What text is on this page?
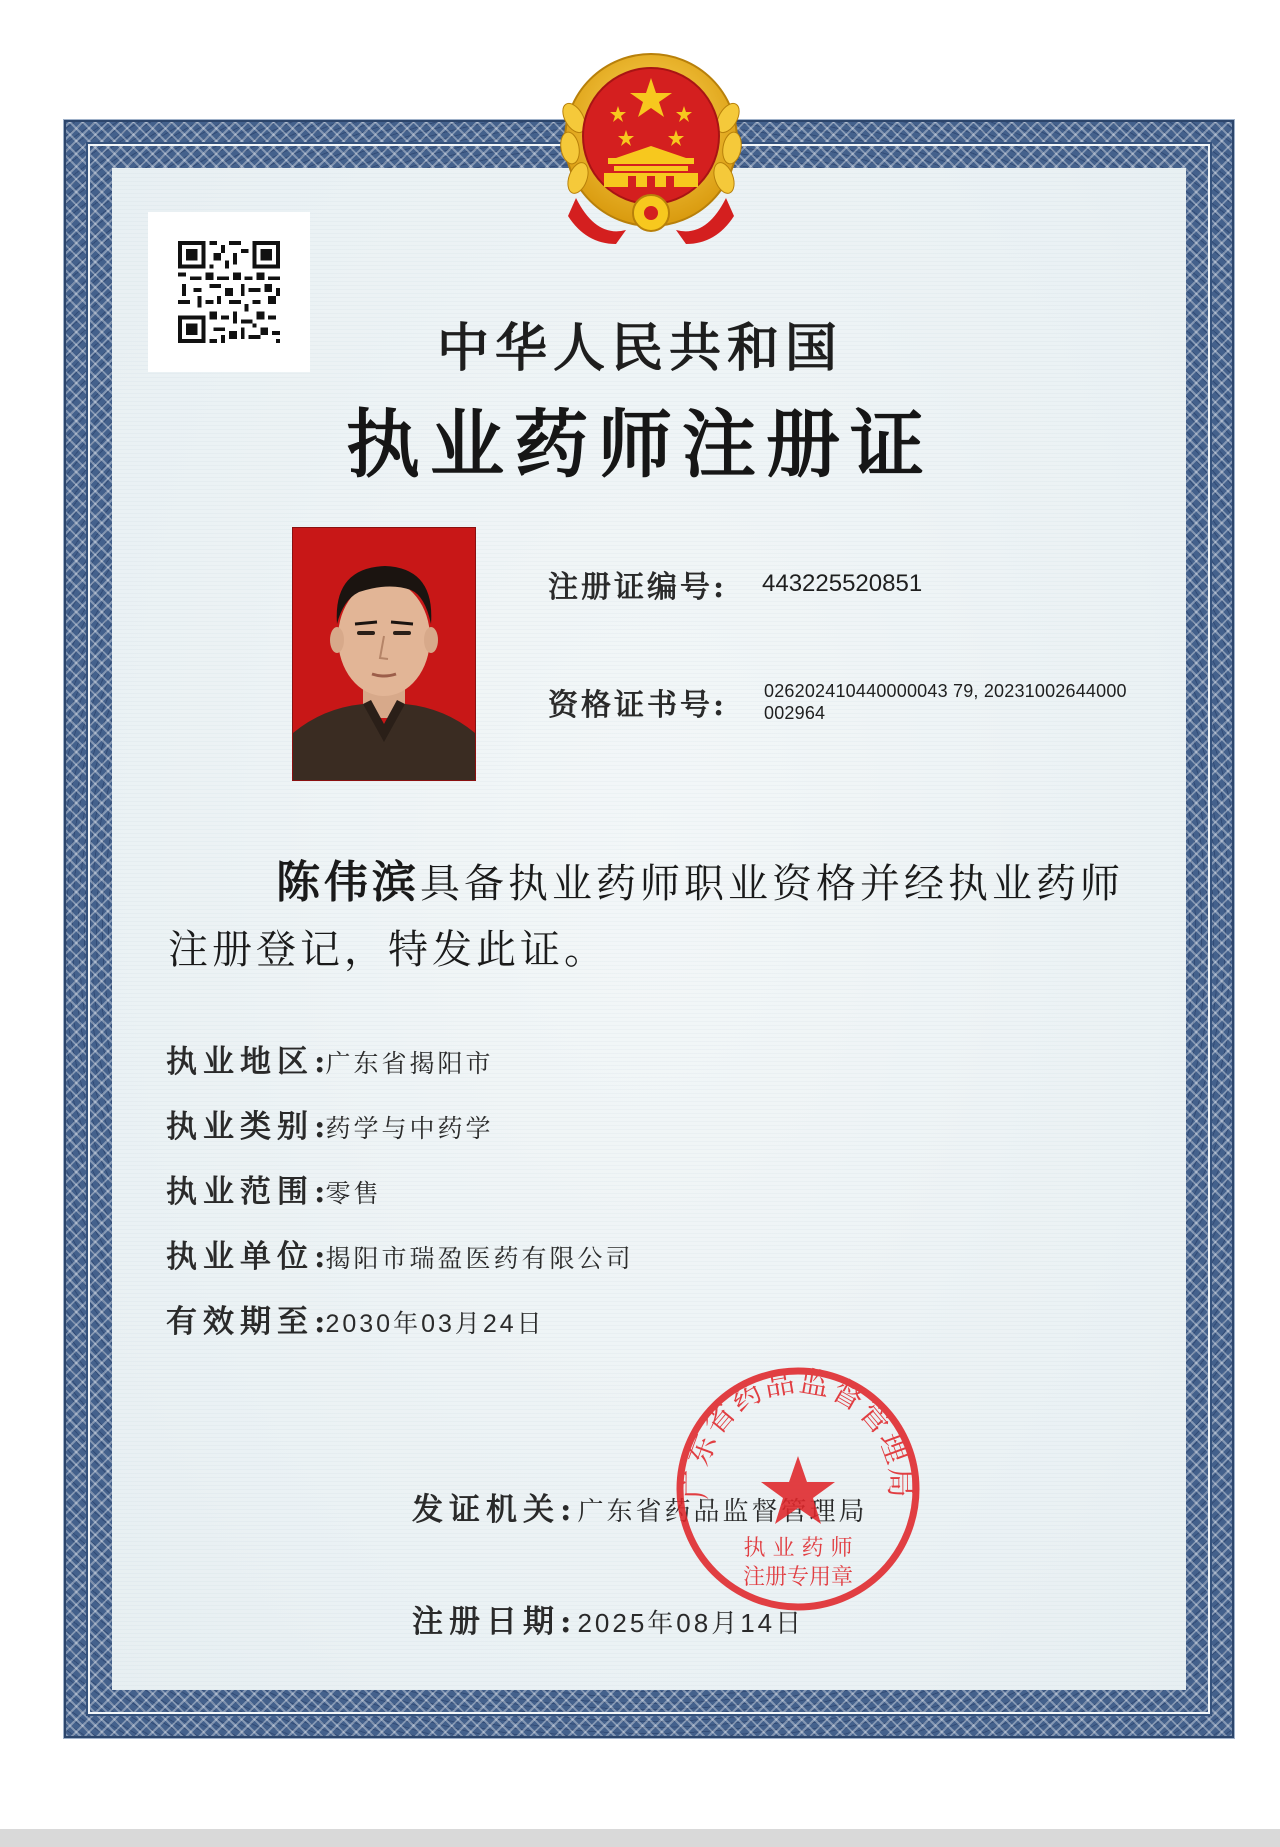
中华人民共和国
执业药师注册证
注册证编号: 443225520851
资格证书号: 026202410440000043 79, 20231002644000
002964
陈伟滨具备执业药师职业资格并经执业药师注册登记，特发此证。
执业地区:广东省揭阳市
执业类别:药学与中药学
执业范围:零售
执业单位:揭阳市瑞盈医药有限公司
有效期至:2030年03月24日
发证机关:广东省药品监督管理局
注册日期:2025年08月14日
广东省药品监督管理局
执 业 药 师
注册专用章
